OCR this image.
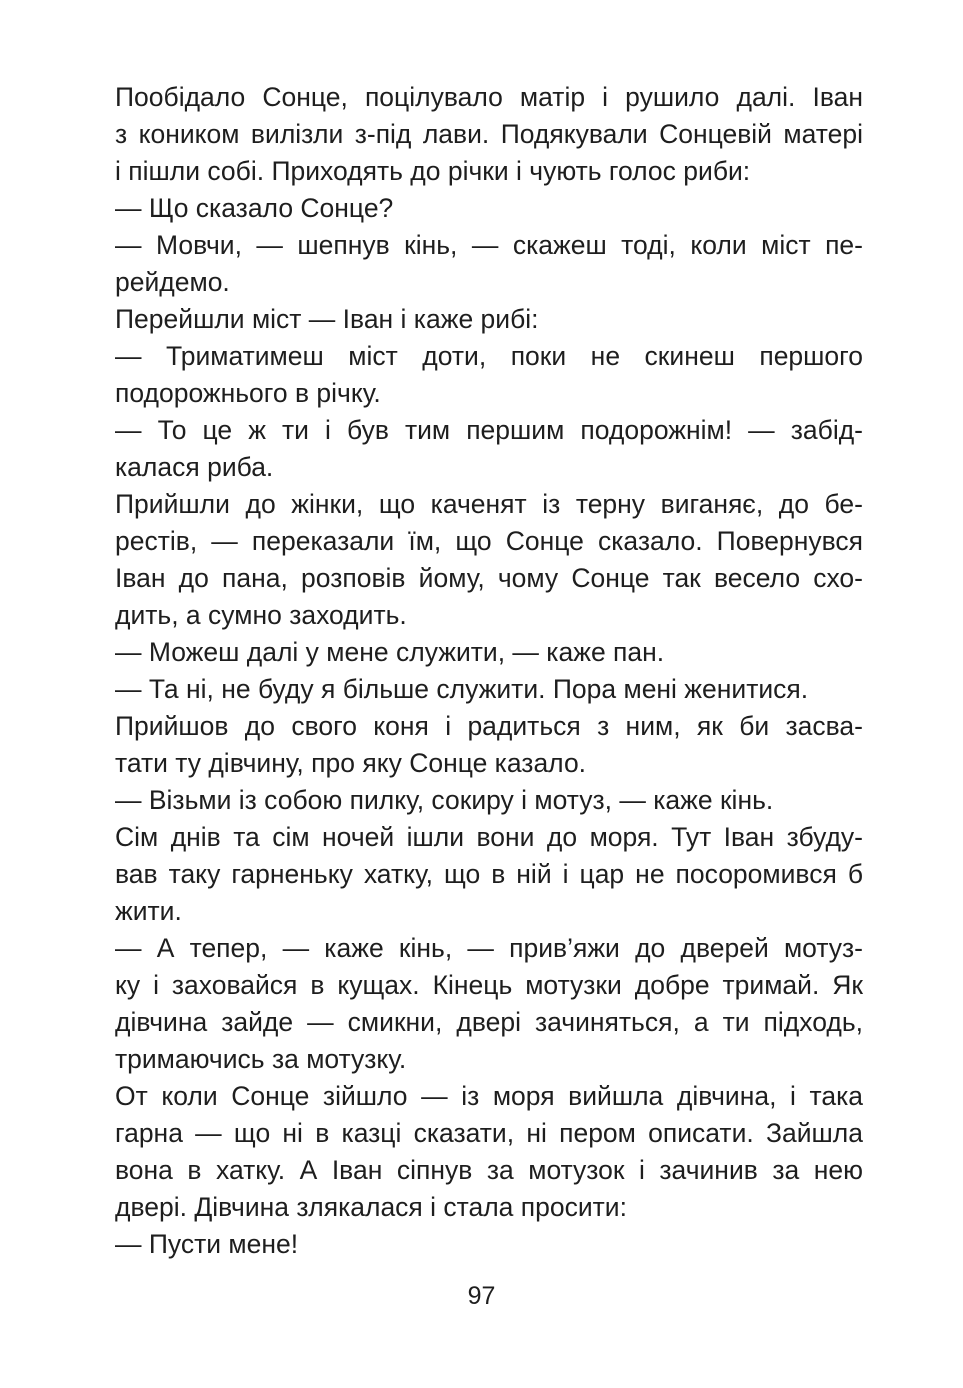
Пообідало Сонце, поцілувало матір і рушило далі. Іван
з коником вилізли з-під лави. Подякували Сонцевій матері
і пішли собі. Приходять до річки і чують голос риби:

— Що сказало Сонце?

— Мовчи, — шепнув кінь, — скажеш тоді, коли міст пе-
рейдемо.

Перейшли міст — Іван і каже рибі:

— Триматимеш міст доти, поки не скинеш першого
подорожнього в річку.

— То це ж ти і був тим першим подорожнім! — забід-
калася риба.

Прийшли до жінки, що каченят із терну виганяє, до бе-
рестів, — переказали їм, що Сонце сказало. Повернувся
Іван до пана, розповів йому, чому Сонце так весело схо-
дить, а сумно заходить.

— Можеш далі у мене служити, — каже пан.

— Та ні, не буду я більше служити. Пора мені женитися.

Прийшов до свого коня і радиться з ним, як би засва-
тати ту дівчину, про яку Сонце казало.

— Візьми із собою пилку, сокиру і мотуз, — каже кінь.

Сім днів та сім ночей ішли вони до моря. Тут Іван збуду-
вав таку гарненьку хатку, що в ній і цар не посоромився б
жити.

— А тепер, — каже кінь, — прив’яжи до дверей мотуз-
ку і заховайся в кущах. Кінець мотузки добре тримай. Як
дівчина зайде — смикни, двері зачиняться, а ти підходь,
тримаючись за мотузку.

От коли Сонце зійшло — із моря вийшла дівчина, і така
гарна — що ні в казці сказати, ні пером описати. Зайшла
вона в хатку. А Іван сіпнув за мотузок і зачинив за нею
двері. Дівчина злякалася і стала просити:

— Пусти мене!

97
